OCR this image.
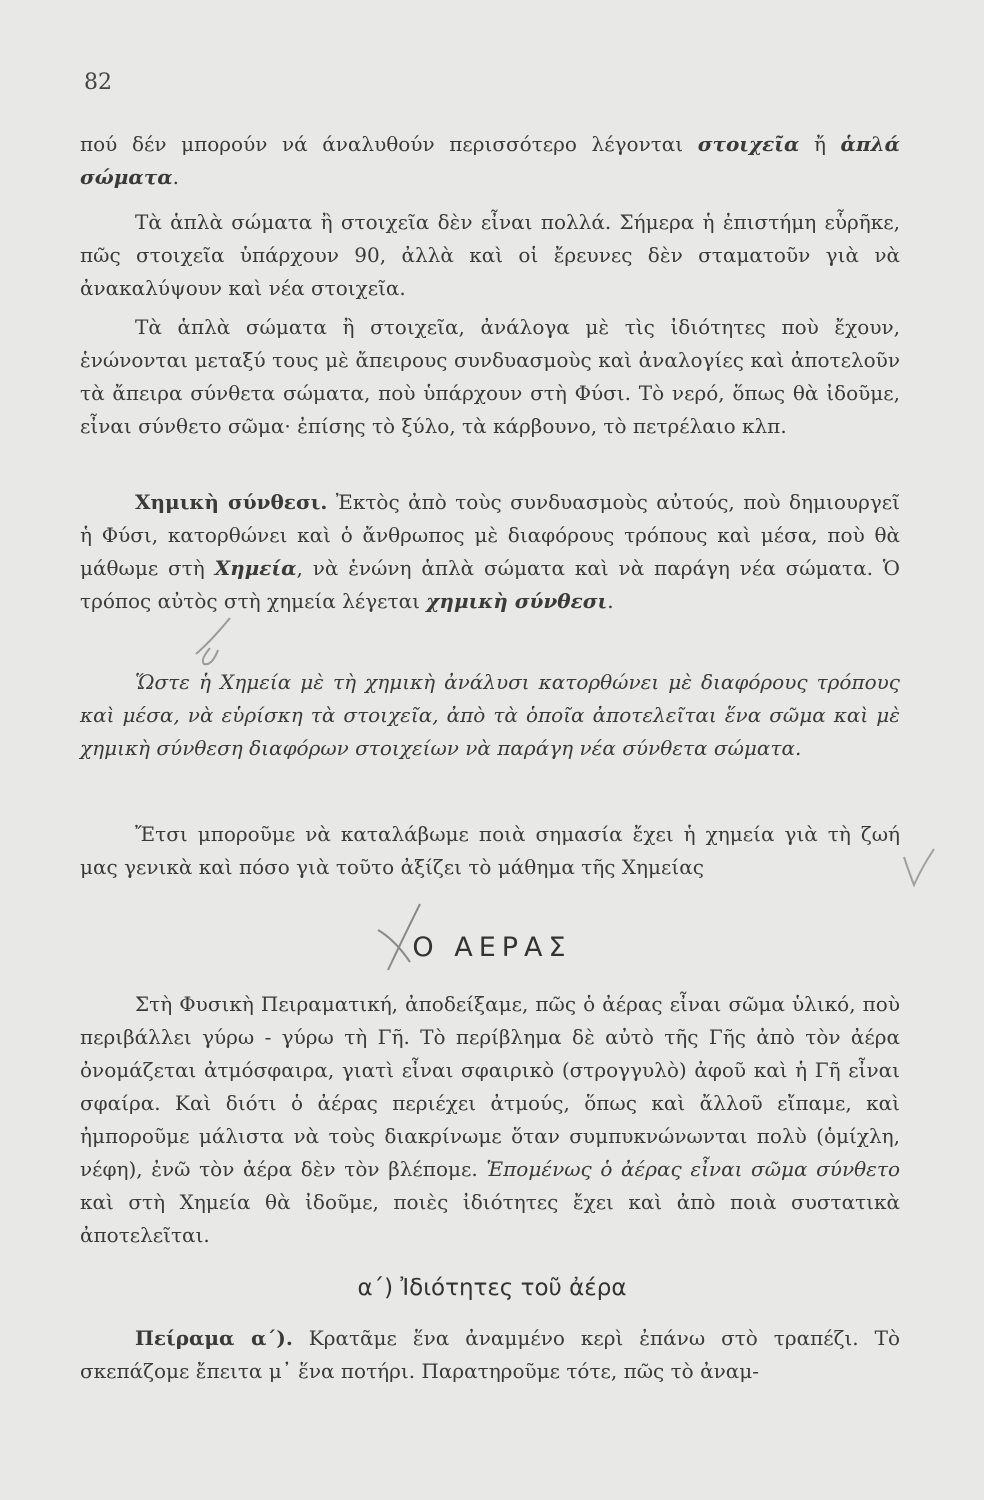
82
πού δέν μπορούν νά άναλυθούν περισσότερο λέγονται στοιχεῖα ἤ ἁπλά σώματα.
Τὰ ἁπλὰ σώματα ἢ στοιχεῖα δὲν εἶναι πολλά. Σήμερα ἡ ἐπιστήμη εὗρῆκε, πῶς στοιχεῖα ὑπάρχουν 90, ἀλλὰ καὶ οἱ ἔρευνες δὲν σταματοῦν γιὰ νὰ ἀνακαλύψουν καὶ νέα στοιχεῖα.
Τὰ ἁπλὰ σώματα ἢ στοιχεῖα, ἀνάλογα μὲ τὶς ἰδιότητες ποὺ ἔχουν, ἑνώνονται μεταξύ τους μὲ ἄπειρους συνδυασμοὺς καὶ ἀναλογίες καὶ ἀποτελοῦν τὰ ἄπειρα σύνθετα σώματα, ποὺ ὑπάρχουν στὴ Φύσι. Τὸ νερό, ὅπως θὰ ἰδοῦμε, εἶναι σύνθετο σῶμα· ἐπίσης τὸ ξύλο, τὰ κάρβουνο, τὸ πετρέλαιο κλπ.
Χημικὴ σύνθεσι. Ἐκτὸς ἀπὸ τοὺς συνδυασμοὺς αὐτούς, ποὺ δημιουργεῖ ἡ Φύσι, κατορθώνει καὶ ὁ ἄνθρωπος μὲ διαφόρους τρόπους καὶ μέσα, ποὺ θὰ μάθωμε στὴ Χημεία, νὰ ἑνώνη ἁπλὰ σώματα καὶ νὰ παράγη νέα σώματα. Ὁ τρόπος αὐτὸς στὴ χημεία λέγεται χημικὴ σύνθεσι.
Ὥστε ἡ Χημεία μὲ τὴ χημικὴ ἀνάλυσι κατορθώνει μὲ διαφόρους τρόπους καὶ μέσα, νὰ εὑρίσκη τὰ στοιχεῖα, ἀπὸ τὰ ὁποῖα ἀποτελεῖται ἕνα σῶμα καὶ μὲ χημικὴ σύνθεση διαφόρων στοιχείων νὰ παράγη νέα σύνθετα σώματα.
Ἔτσι μποροῦμε νὰ καταλάβωμε ποιὰ σημασία ἔχει ἡ χημεία γιὰ τὴ ζωή μας γενικὰ καὶ πόσο γιὰ τοῦτο ἀξίζει τὸ μάθημα τῆς Χημείας
Ο ΑΕΡΑΣ
Στὴ Φυσικὴ Πειραματική, ἀποδείξαμε, πῶς ὁ ἀέρας εἶναι σῶμα ὑλικό, ποὺ περιβάλλει γύρω - γύρω τὴ Γῆ. Τὸ περίβλημα δὲ αὐτὸ τῆς Γῆς ἀπὸ τὸν ἀέρα ὀνομάζεται ἀτμόσφαιρα, γιατὶ εἶναι σφαιρικὸ (στρογγυλὸ) ἀφοῦ καὶ ἡ Γῆ εἶναι σφαίρα. Καὶ διότι ὁ ἀέρας περιέχει ἀτμούς, ὅπως καὶ ἄλλοῦ εἴπαμε, καὶ ἠμποροῦμε μάλιστα νὰ τοὺς διακρίνωμε ὅταν συμπυκνώνωνται πολὺ (ὁμίχλη, νέφη), ἐνῶ τὸν ἀέρα δὲν τὸν βλέπομε. Ἑπομένως ὁ ἀέρας εἶναι σῶμα σύνθετο καὶ στὴ Χημεία θὰ ἰδοῦμε, ποιὲς ἰδιότητες ἔχει καὶ ἀπὸ ποιὰ συστατικὰ ἀποτελεῖται.
α΄) Ἰδιότητες τοῦ ἀέρα
Πείραμα α΄). Κρατᾶμε ἕνα ἀναμμένο κερὶ ἐπάνω στὸ τραπέζι. Τὸ σκεπάζομε ἔπειτα μ᾿ ἕνα ποτήρι. Παρατηροῦμε τότε, πῶς τὸ ἀναμ-
